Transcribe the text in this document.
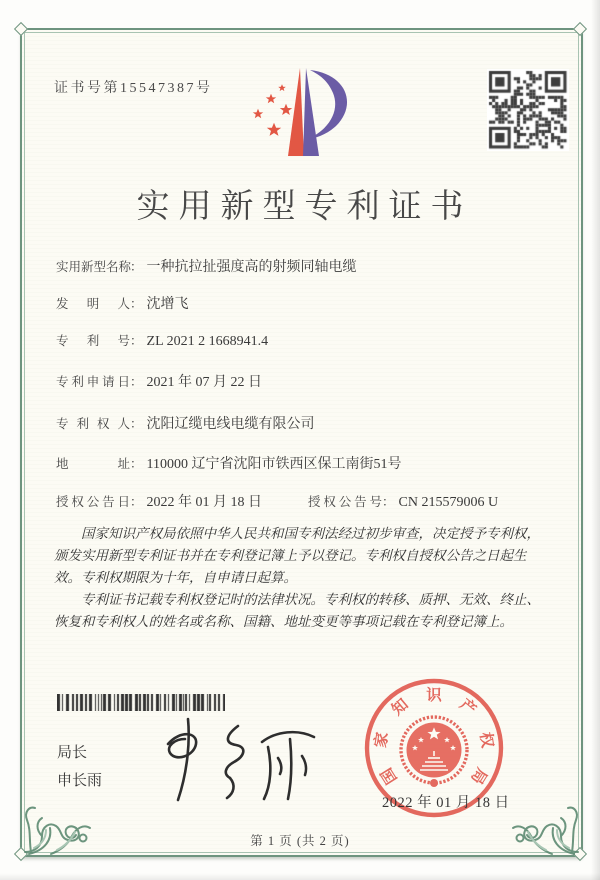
证书号第15547387号
实用新型专利证书
实用新型名称： 一种抗拉扯强度高的射频同轴电缆
发明人： 沈增飞
专利号： ZL 2021 2 1668941.4
专利申请日： 2021 年 07 月 22 日
专利权人： 沈阳辽缆电线电缆有限公司
地址： 110000 辽宁省沈阳市铁西区保工南街51号
授权公告日： 2022 年 01 月 18 日	授权公告号： CN 215579006 U

国家知识产权局依照中华人民共和国专利法经过初步审查，决定授予专利权，颁发实用新型专利证书并在专利登记簿上予以登记。专利权自授权公告之日起生效。专利权期限为十年，自申请日起算。

专利证书记载专利权登记时的法律状况。专利权的转移、质押、无效、终止、恢复和专利权人的姓名或名称、国籍、地址变更等事项记载在专利登记簿上。

局长
申长雨	国
家
知
识
产
权
局
2022 年 01 月 18 日
第 1 页 (共 2 页)
